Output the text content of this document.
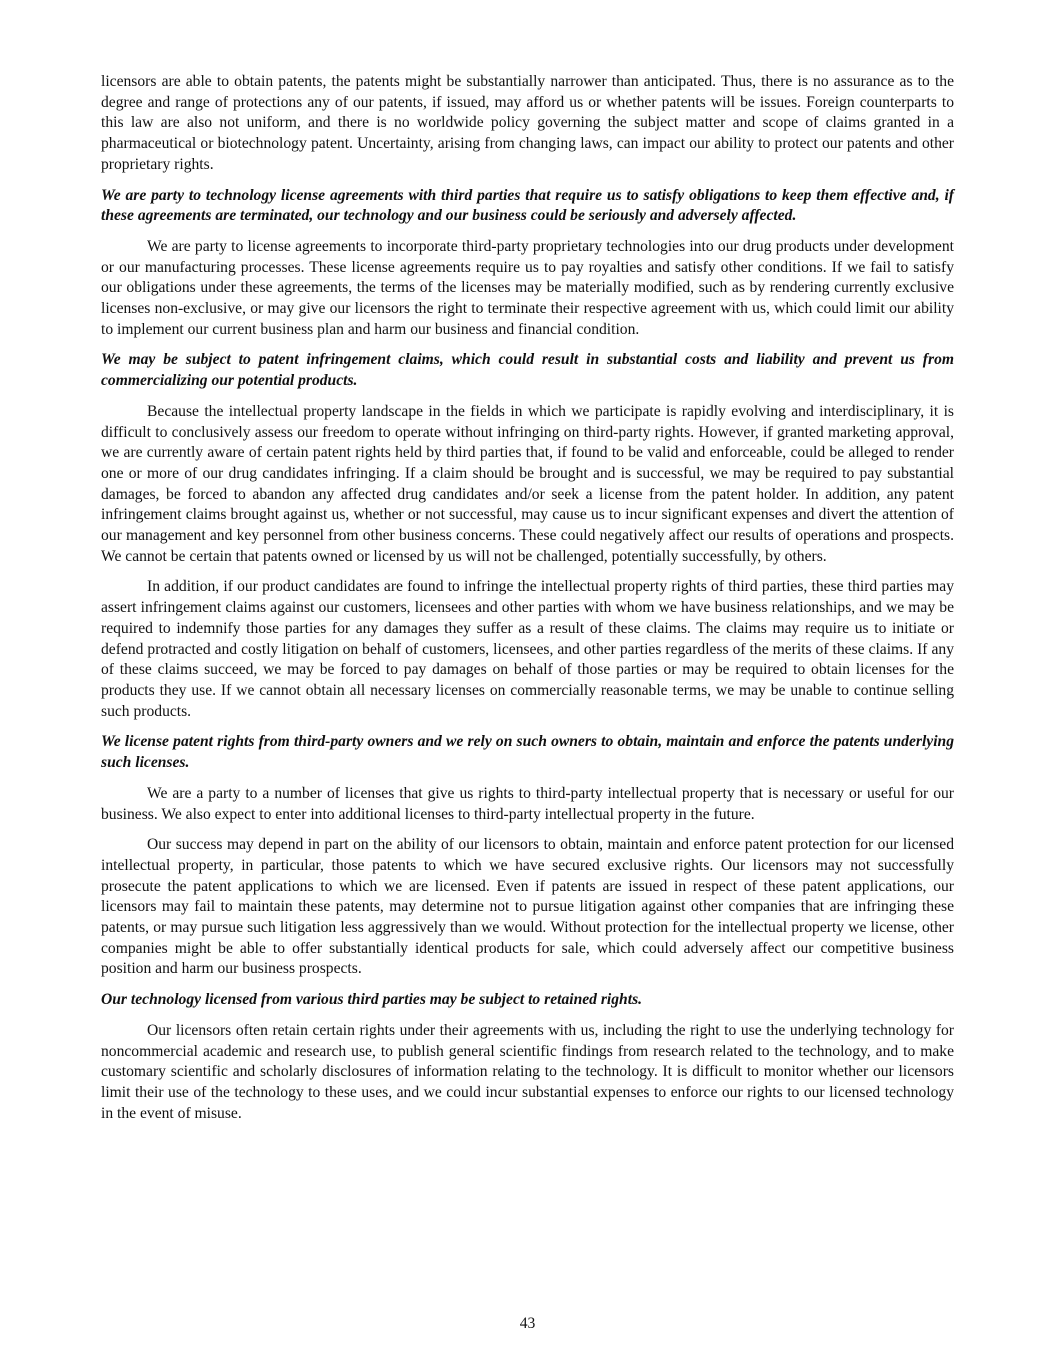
licensors are able to obtain patents, the patents might be substantially narrower than anticipated. Thus, there is no assurance as to the degree and range of protections any of our patents, if issued, may afford us or whether patents will be issues. Foreign counterparts to this law are also not uniform, and there is no worldwide policy governing the subject matter and scope of claims granted in a pharmaceutical or biotechnology patent. Uncertainty, arising from changing laws, can impact our ability to protect our patents and other proprietary rights.

We are party to technology license agreements with third parties that require us to satisfy obligations to keep them effective and, if these agreements are terminated, our technology and our business could be seriously and adversely affected.

We are party to license agreements to incorporate third-party proprietary technologies into our drug products under development or our manufacturing processes. These license agreements require us to pay royalties and satisfy other conditions. If we fail to satisfy our obligations under these agreements, the terms of the licenses may be materially modified, such as by rendering currently exclusive licenses non-exclusive, or may give our licensors the right to terminate their respective agreement with us, which could limit our ability to implement our current business plan and harm our business and financial condition.

We may be subject to patent infringement claims, which could result in substantial costs and liability and prevent us from commercializing our potential products.

Because the intellectual property landscape in the fields in which we participate is rapidly evolving and interdisciplinary, it is difficult to conclusively assess our freedom to operate without infringing on third-party rights. However, if granted marketing approval, we are currently aware of certain patent rights held by third parties that, if found to be valid and enforceable, could be alleged to render one or more of our drug candidates infringing. If a claim should be brought and is successful, we may be required to pay substantial damages, be forced to abandon any affected drug candidates and/or seek a license from the patent holder. In addition, any patent infringement claims brought against us, whether or not successful, may cause us to incur significant expenses and divert the attention of our management and key personnel from other business concerns. These could negatively affect our results of operations and prospects. We cannot be certain that patents owned or licensed by us will not be challenged, potentially successfully, by others.

In addition, if our product candidates are found to infringe the intellectual property rights of third parties, these third parties may assert infringement claims against our customers, licensees and other parties with whom we have business relationships, and we may be required to indemnify those parties for any damages they suffer as a result of these claims. The claims may require us to initiate or defend protracted and costly litigation on behalf of customers, licensees, and other parties regardless of the merits of these claims. If any of these claims succeed, we may be forced to pay damages on behalf of those parties or may be required to obtain licenses for the products they use. If we cannot obtain all necessary licenses on commercially reasonable terms, we may be unable to continue selling such products.

We license patent rights from third-party owners and we rely on such owners to obtain, maintain and enforce the patents underlying such licenses.

We are a party to a number of licenses that give us rights to third-party intellectual property that is necessary or useful for our business. We also expect to enter into additional licenses to third-party intellectual property in the future.

Our success may depend in part on the ability of our licensors to obtain, maintain and enforce patent protection for our licensed intellectual property, in particular, those patents to which we have secured exclusive rights. Our licensors may not successfully prosecute the patent applications to which we are licensed. Even if patents are issued in respect of these patent applications, our licensors may fail to maintain these patents, may determine not to pursue litigation against other companies that are infringing these patents, or may pursue such litigation less aggressively than we would. Without protection for the intellectual property we license, other companies might be able to offer substantially identical products for sale, which could adversely affect our competitive business position and harm our business prospects.

Our technology licensed from various third parties may be subject to retained rights.

Our licensors often retain certain rights under their agreements with us, including the right to use the underlying technology for noncommercial academic and research use, to publish general scientific findings from research related to the technology, and to make customary scientific and scholarly disclosures of information relating to the technology. It is difficult to monitor whether our licensors limit their use of the technology to these uses, and we could incur substantial expenses to enforce our rights to our licensed technology in the event of misuse.

43
